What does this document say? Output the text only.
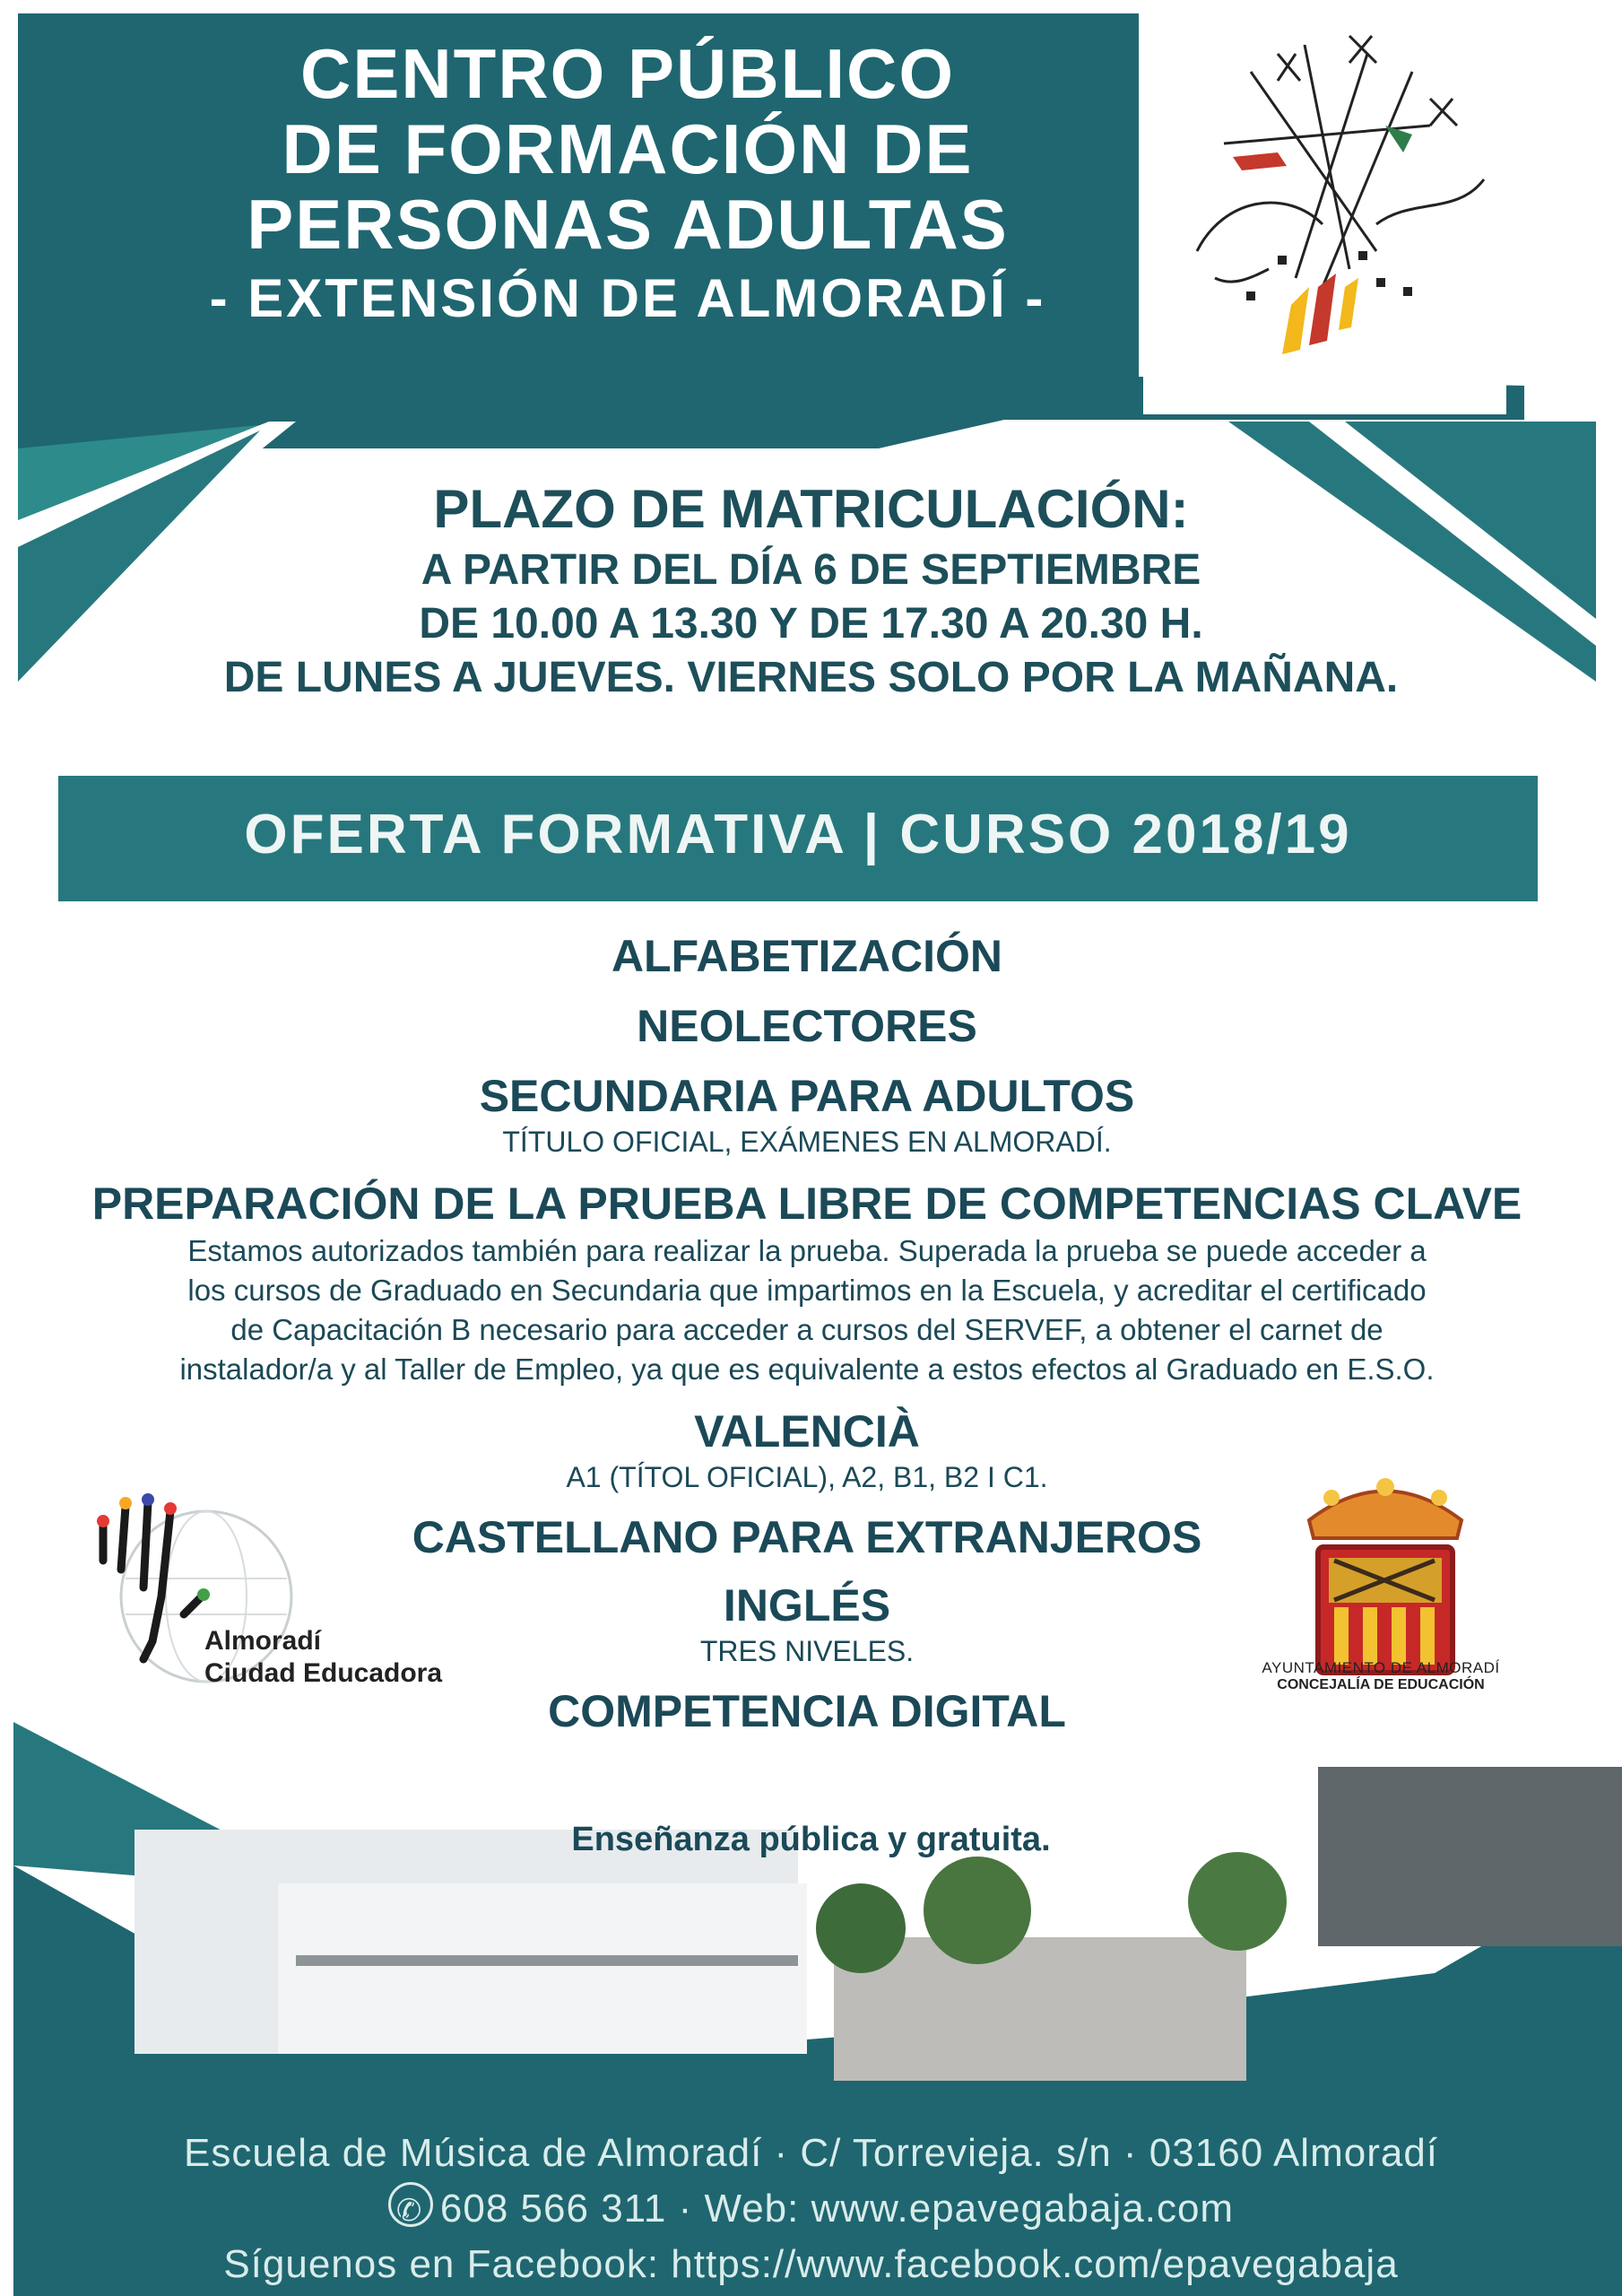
CENTRO PÚBLICO
DE FORMACIÓN DE
PERSONAS ADULTAS
- EXTENSIÓN DE ALMORADÍ -
PLAZO DE MATRICULACIÓN:
A PARTIR DEL DÍA 6 DE SEPTIEMBRE
DE 10.00 A 13.30 Y DE 17.30 A 20.30 H.
DE LUNES A JUEVES. VIERNES SOLO POR LA MAÑANA.
OFERTA FORMATIVA | CURSO 2018/19
ALFABETIZACIÓN
NEOLECTORES
SECUNDARIA PARA ADULTOS
TÍTULO OFICIAL, EXÁMENES EN ALMORADÍ.
PREPARACIÓN DE LA PRUEBA LIBRE DE COMPETENCIAS CLAVE
Estamos autorizados también para realizar la prueba. Superada la prueba se puede acceder a
los cursos de Graduado en Secundaria que impartimos en la Escuela, y acreditar el certificado
de Capacitación B necesario para acceder a cursos del SERVEF, a obtener el carnet de
instalador/a y al Taller de Empleo, ya que es equivalente a estos efectos al Graduado en E.S.O.
VALENCIÀ
A1 (TÍTOL OFICIAL), A2, B1, B2 I C1.
CASTELLANO PARA EXTRANJEROS
INGLÉS
TRES NIVELES.
COMPETENCIA DIGITAL
Almoradí
Ciudad Educadora	AYUNTAMIENTO DE ALMORADÍ
CONCEJALÍA DE EDUCACIÓN
Enseñanza pública y gratuita.
Escuela de Música de Almoradí · C/ Torrevieja. s/n · 03160 Almoradí
✆608 566 311 · Web: www.epavegabaja.com
Síguenos en Facebook: https://www.facebook.com/epavegabaja
